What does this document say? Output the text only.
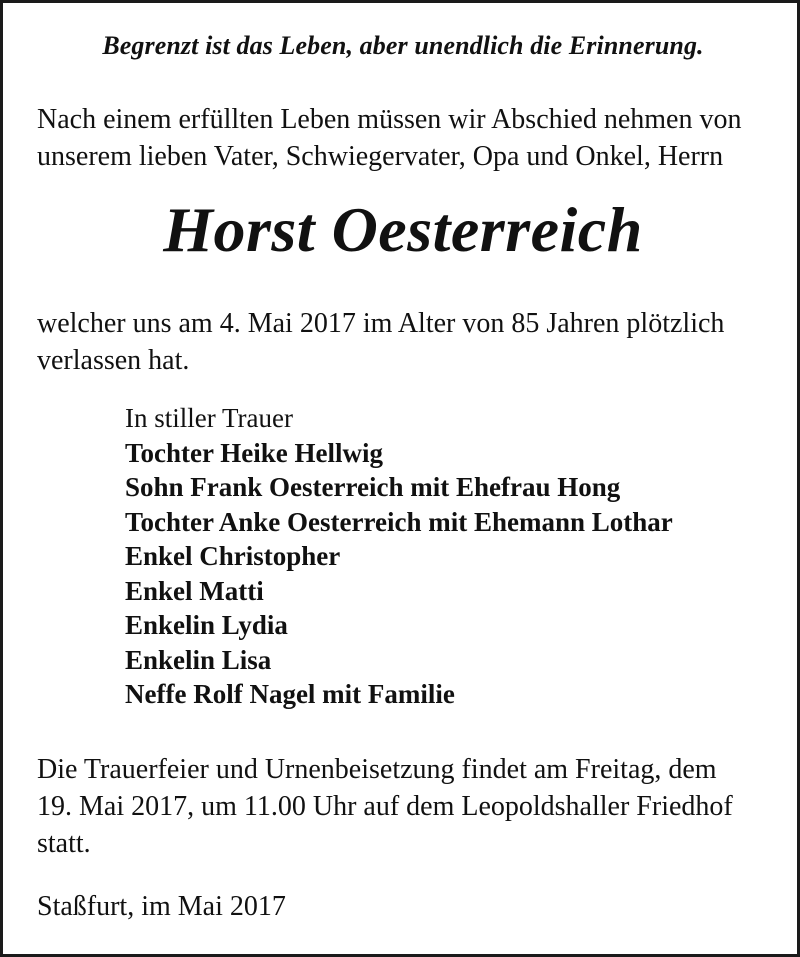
Begrenzt ist das Leben, aber unendlich die Erinnerung.
Nach einem erfüllten Leben müssen wir Abschied nehmen von
unserem lieben Vater, Schwiegervater, Opa und Onkel, Herrn
Horst Oesterreich
welcher uns am 4. Mai 2017 im Alter von 85 Jahren plötzlich
verlassen hat.
In stiller Trauer
Tochter Heike Hellwig
Sohn Frank Oesterreich mit Ehefrau Hong
Tochter Anke Oesterreich mit Ehemann Lothar
Enkel Christopher
Enkel Matti
Enkelin Lydia
Enkelin Lisa
Neffe Rolf Nagel mit Familie
Die Trauerfeier und Urnenbeisetzung findet am Freitag, dem
19. Mai 2017, um 11.00 Uhr auf dem Leopoldshaller Friedhof
statt.
Staßfurt, im Mai 2017
